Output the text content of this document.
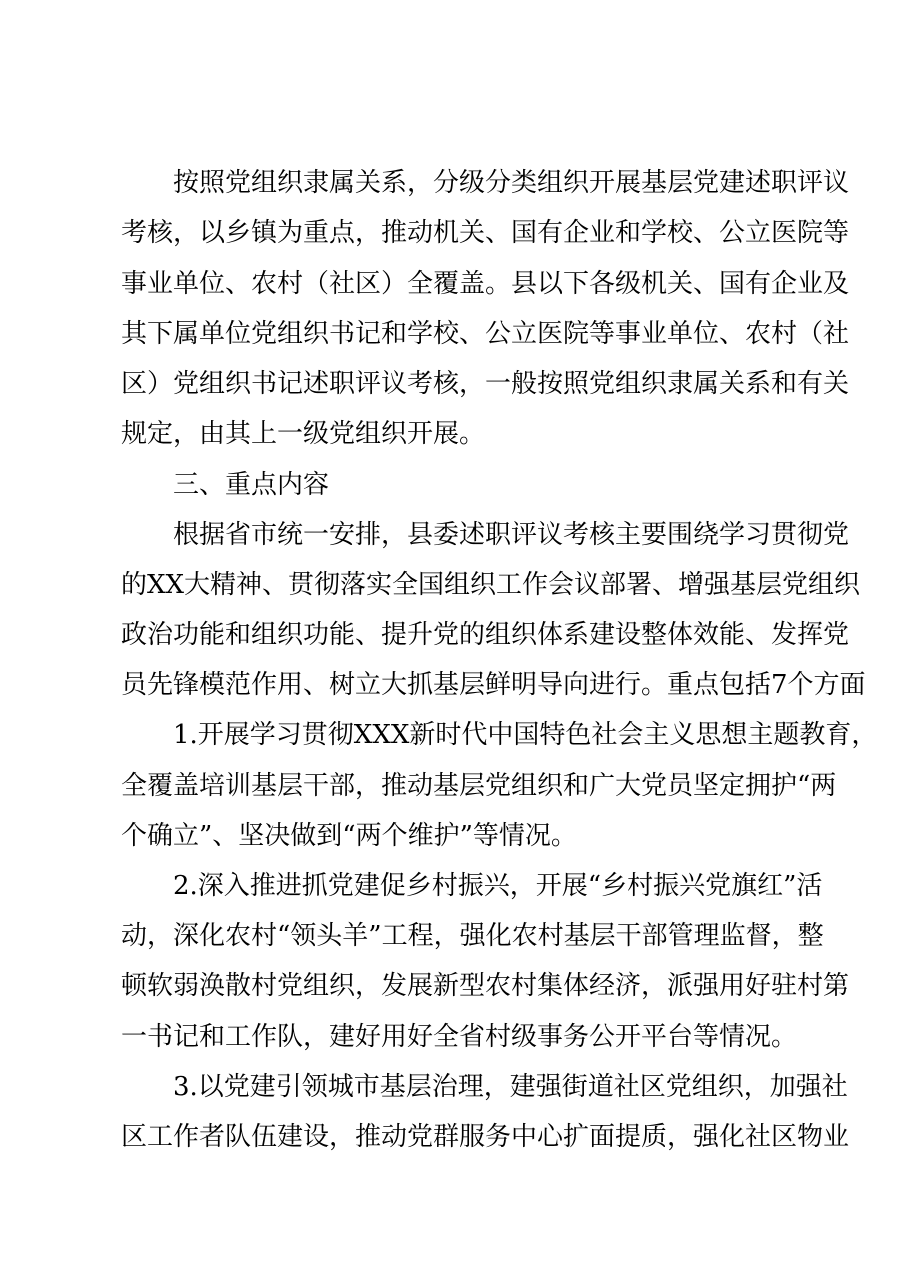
按照党组织隶属关系，分级分类组织开展基层党建述职评议

考核，以乡镇为重点，推动机关、国有企业和学校、公立医院等

事业单位、农村（社区）全覆盖。县以下各级机关、国有企业及

其下属单位党组织书记和学校、公立医院等事业单位、农村（社

区）党组织书记述职评议考核，一般按照党组织隶属关系和有关

规定，由其上一级党组织开展。

三、重点内容

根据省市统一安排，县委述职评议考核主要围绕学习贯彻党

的XX大精神、贯彻落实全国组织工作会议部署、增强基层党组织

政治功能和组织功能、提升党的组织体系建设整体效能、发挥党

员先锋模范作用、树立大抓基层鲜明导向进行。重点包括7个方面

1.开展学习贯彻XXX新时代中国特色社会主义思想主题教育，

全覆盖培训基层干部，推动基层党组织和广大党员坚定拥护“两

个确立”、坚决做到“两个维护”等情况。

2.深入推进抓党建促乡村振兴，开展“乡村振兴党旗红”活

动，深化农村“领头羊”工程，强化农村基层干部管理监督，整

顿软弱涣散村党组织，发展新型农村集体经济，派强用好驻村第

一书记和工作队，建好用好全省村级事务公开平台等情况。

3.以党建引领城市基层治理，建强街道社区党组织，加强社

区工作者队伍建设，推动党群服务中心扩面提质，强化社区物业
